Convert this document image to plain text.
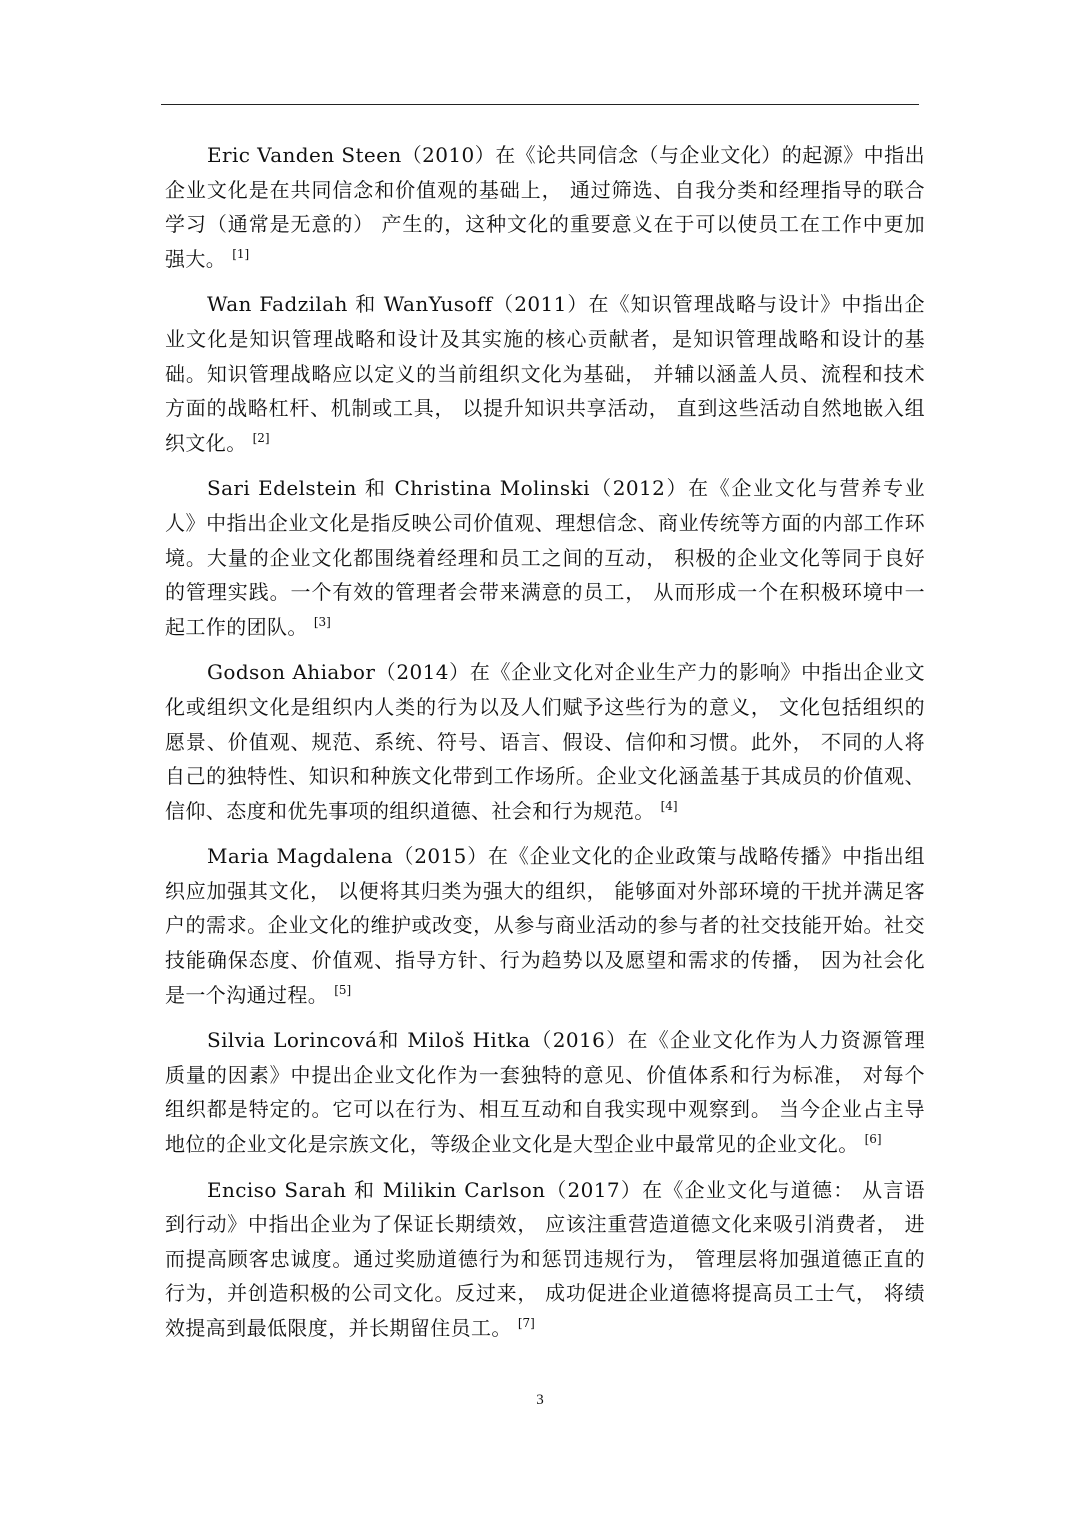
Eric Vanden Steen（2010）在《论共同信念（与企业文化）的起源》中指出企业文化是在共同信念和价值观的基础上， 通过筛选、自我分类和经理指导的联合学习（通常是无意的） 产生的，这种文化的重要意义在于可以使员工在工作中更加强大。 [1]

Wan Fadzilah 和 WanYusoff（2011）在《知识管理战略与设计》中指出企业文化是知识管理战略和设计及其实施的核心贡献者，是知识管理战略和设计的基础。知识管理战略应以定义的当前组织文化为基础， 并辅以涵盖人员、流程和技术方面的战略杠杆、机制或工具， 以提升知识共享活动， 直到这些活动自然地嵌入组织文化。 [2]

Sari Edelstein 和 Christina Molinski（2012）在《企业文化与营养专业人》中指出企业文化是指反映公司价值观、理想信念、商业传统等方面的内部工作环境。大量的企业文化都围绕着经理和员工之间的互动， 积极的企业文化等同于良好的管理实践。一个有效的管理者会带来满意的员工， 从而形成一个在积极环境中一起工作的团队。 [3]

Godson Ahiabor（2014）在《企业文化对企业生产力的影响》中指出企业文化或组织文化是组织内人类的行为以及人们赋予这些行为的意义， 文化包括组织的愿景、价值观、规范、系统、符号、语言、假设、信仰和习惯。此外， 不同的人将自己的独特性、知识和种族文化带到工作场所。企业文化涵盖基于其成员的价值观、信仰、态度和优先事项的组织道德、社会和行为规范。 [4]

Maria Magdalena（2015）在《企业文化的企业政策与战略传播》中指出组织应加强其文化， 以便将其归类为强大的组织， 能够面对外部环境的干扰并满足客户的需求。企业文化的维护或改变，从参与商业活动的参与者的社交技能开始。社交技能确保态度、价值观、指导方针、行为趋势以及愿望和需求的传播， 因为社会化是一个沟通过程。 [5]

Silvia Lorincová和 Miloš Hitka（2016）在《企业文化作为人力资源管理质量的因素》中提出企业文化作为一套独特的意见、价值体系和行为标准， 对每个组织都是特定的。它可以在行为、相互互动和自我实现中观察到。 当今企业占主导地位的企业文化是宗族文化，等级企业文化是大型企业中最常见的企业文化。 [6]

Enciso Sarah 和 Milikin Carlson（2017）在《企业文化与道德： 从言语到行动》中指出企业为了保证长期绩效， 应该注重营造道德文化来吸引消费者， 进而提高顾客忠诚度。通过奖励道德行为和惩罚违规行为， 管理层将加强道德正直的行为，并创造积极的公司文化。反过来， 成功促进企业道德将提高员工士气， 将绩效提高到最低限度，并长期留住员工。 [7]

3
